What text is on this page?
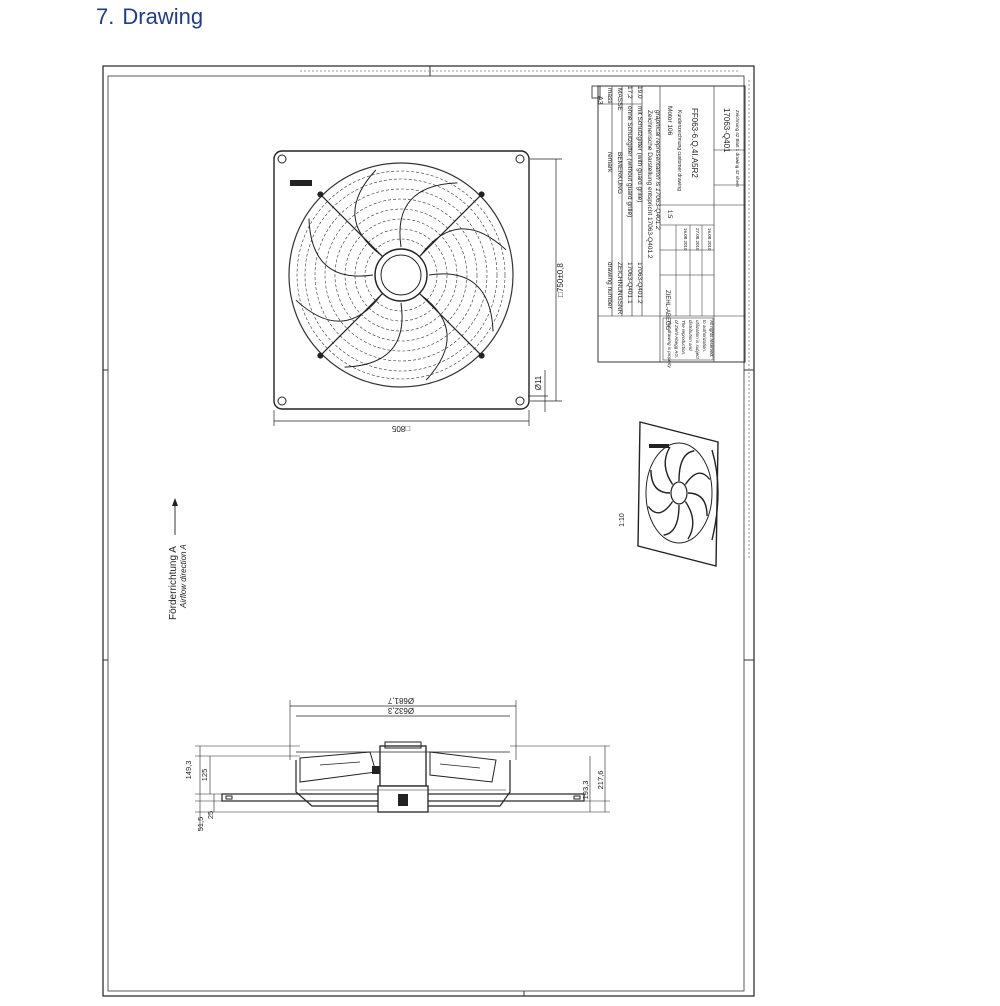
7. Drawing
□805
□750±0,8
Ø11
1:10
Förderrichtung A Airflow direction A
Ø681,7
Ø632,3
149,3 125
25
51,5
217,6
193,3
A3 mass MASSE 17,2 19,0
remark BEMERKUNG ohne Schutzgitter (without guard grille) mit Schutzgitter (with guard grille)
drawing number ZEICHNUNGSNR 17063-Q401.1 17063-Q401.2
Zeichnerische Darstellung entspricht 17063-Q401.2 graphical representation is 17063-Q401.2
ZIEHL-ABEGG
This drawing is property of Ziehl-Abegg AG. The reproduction, distribution and utilization is subject to authorization. All rights reserved.
1:5
16.08.2010 27.08.2010 16.08.2010
Motor 106 Kundenzeichnung customer drawing FF063-6.Q.4I.A5R2	17063-Q401 Zeichnung 42 Blatt 1 drawing 42 sheet
